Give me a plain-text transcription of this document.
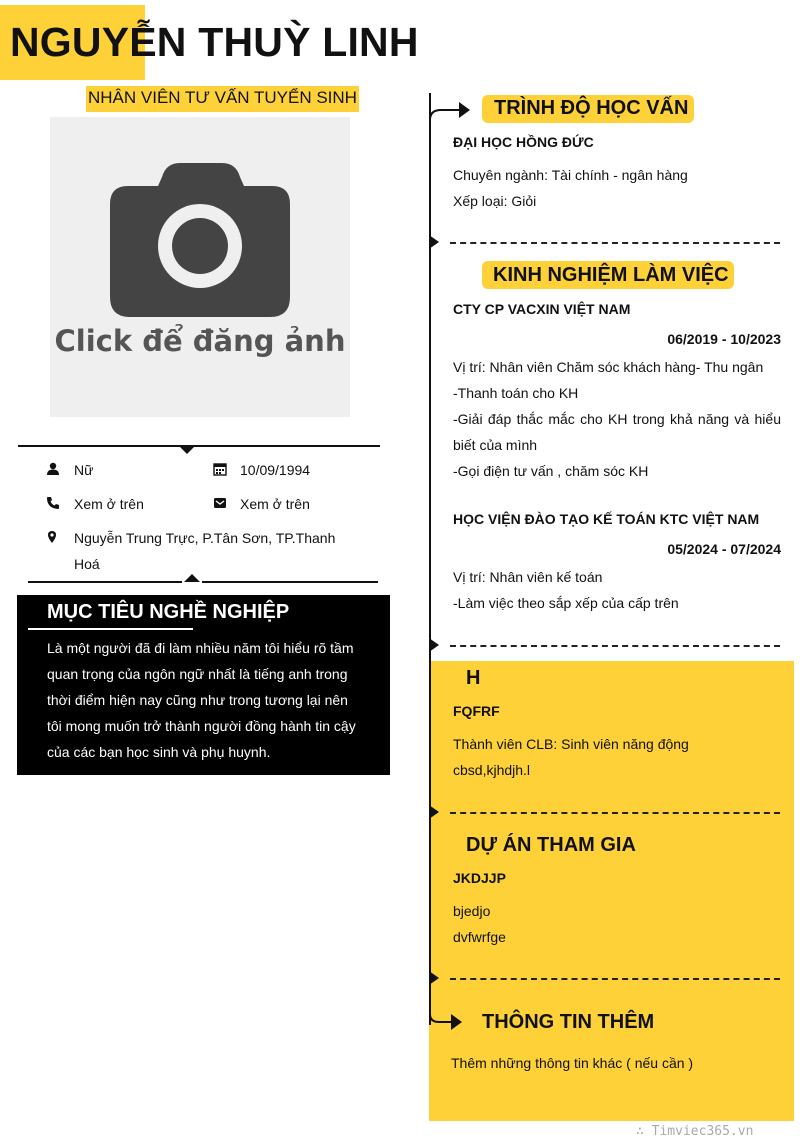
NGUYỄN THUỲ LINH
NHÂN VIÊN TƯ VẤN TUYỂN SINH
Click để đăng ảnh
Nữ	10/09/1994
Xem ở trên	Xem ở trên
Nguyễn Trung Trực, P.Tân Sơn, TP.Thanh
Hoá
MỤC TIÊU NGHỀ NGHIỆP
Là một người đã đi làm nhiều năm tôi hiểu rõ tầm
quan trọng của ngôn ngữ nhất là tiếng anh trong
thời điểm hiện nay cũng như trong tương lại nên
tôi mong muốn trở thành người đồng hành tin cậy
của các bạn học sinh và phụ huynh.
TRÌNH ĐỘ HỌC VẤN
ĐẠI HỌC HỒNG ĐỨC
Chuyên ngành: Tài chính - ngân hàng
Xếp loại: Giỏi
KINH NGHIỆM LÀM VIỆC
CTY CP VACXIN VIỆT NAM
06/2019 - 10/2023
Vị trí: Nhân viên Chăm sóc khách hàng- Thu ngân
-Thanh toán cho KH
-Giải đáp thắc mắc cho KH trong khả năng và hiểu
biết của mình
-Gọi điện tư vấn , chăm sóc KH
HỌC VIỆN ĐÀO TẠO KẾ TOÁN KTC VIỆT NAM
05/2024 - 07/2024
Vị trí: Nhân viên kế toán
-Làm việc theo sắp xếp của cấp trên
H
FQFRF
Thành viên CLB: Sinh viên năng động
cbsd,kjhdjh.l
DỰ ÁN THAM GIA
JKDJJP
bjedjo
dvfwrfge
THÔNG TIN THÊM
Thêm những thông tin khác ( nếu cần )
∴ Timviec365.vn
